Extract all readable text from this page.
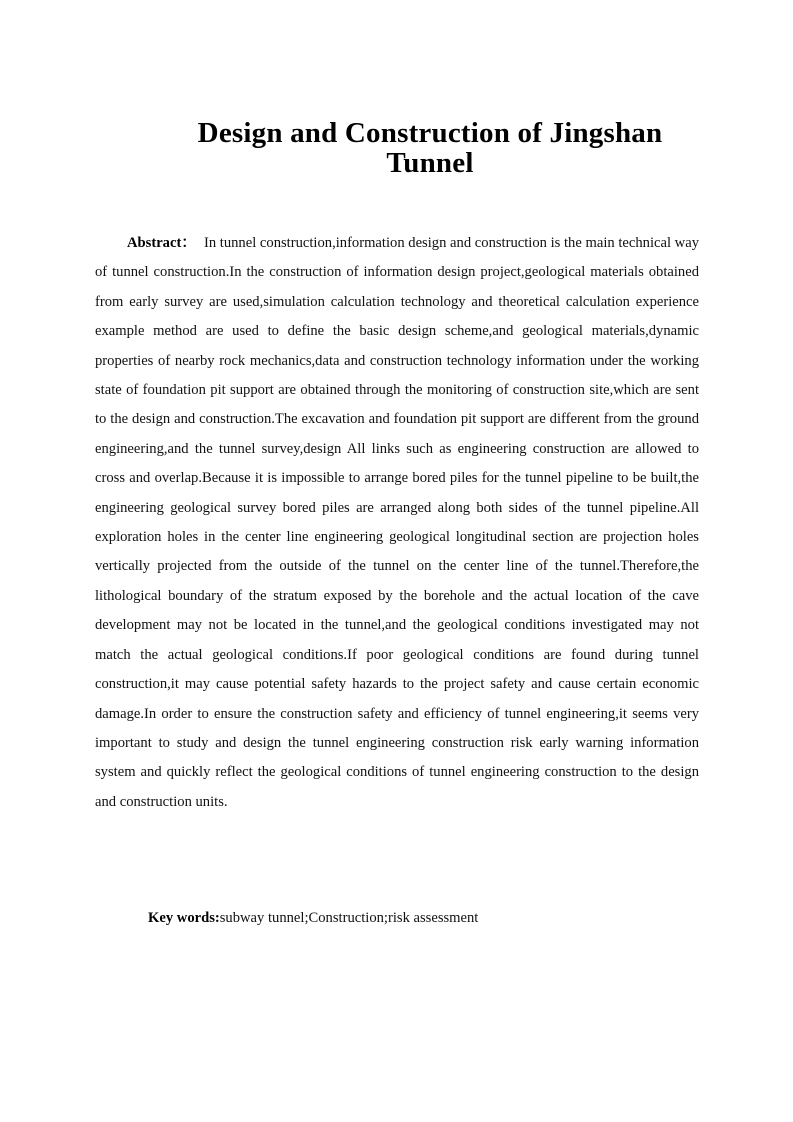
Design and Construction of Jingshan
Tunnel

Abstract： In tunnel construction,information design and construction is the main technical way of tunnel construction.In the construction of information design project,geological materials obtained from early survey are used,simulation calculation technology and theoretical calculation experience example method are used to define the basic design scheme,and geological materials,dynamic properties of nearby rock mechanics,data and construction technology information under the working state of foundation pit support are obtained through the monitoring of construction site,which are sent to the design and construction.The excavation and foundation pit support are different from the ground engineering,and the tunnel survey,design All links such as engineering construction are allowed to cross and overlap.Because it is impossible to arrange bored piles for the tunnel pipeline to be built,the engineering geological survey bored piles are arranged along both sides of the tunnel pipeline.All exploration holes in the center line engineering geological longitudinal section are projection holes vertically projected from the outside of the tunnel on the center line of the tunnel.Therefore,the lithological boundary of the stratum exposed by the borehole and the actual location of the cave development may not be located in the tunnel,and the geological conditions investigated may not match the actual geological conditions.If poor geological conditions are found during tunnel construction,it may cause potential safety hazards to the project safety and cause certain economic damage.In order to ensure the construction safety and efficiency of tunnel engineering,it seems very important to study and design the tunnel engineering construction risk early warning information system and quickly reflect the geological conditions of tunnel engineering construction to the design and construction units.

Key words:subway tunnel;Construction;risk assessment
